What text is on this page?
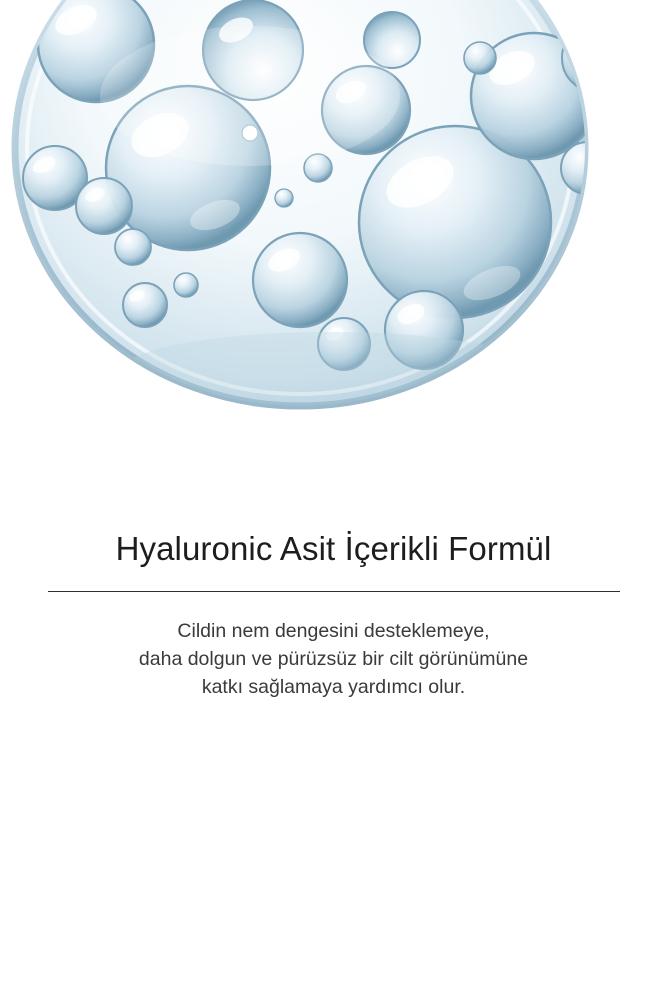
Hyaluronic Asit İçerikli Formül

Cildin nem dengesini desteklemeye,
daha dolgun ve pürüzsüz bir cilt görünümüne
katkı sağlamaya yardımcı olur.
